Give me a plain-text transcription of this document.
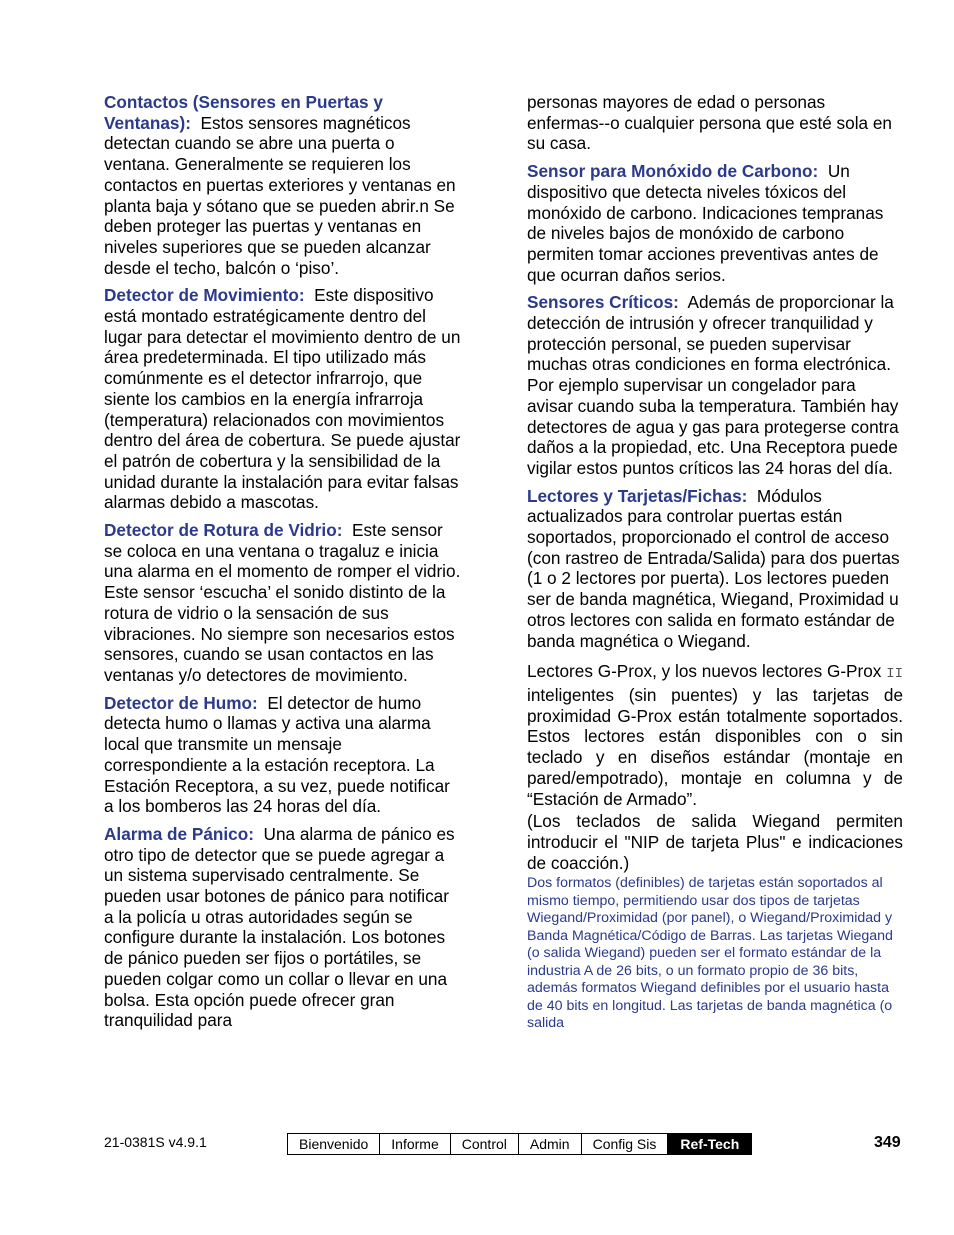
Contactos (Sensores en Puertas y Ventanas): Estos sensores magnéticos detectan cuando se abre una puerta o ventana. Generalmente se requieren los contactos en puertas exteriores y ventanas en planta baja y sótano que se pueden abrir.n Se deben proteger las puertas y ventanas en niveles superiores que se pueden alcanzar desde el techo, balcón o ‘piso’.

Detector de Movimiento: Este dispositivo está montado estratégicamente dentro del lugar para detectar el movimiento dentro de un área predeterminada. El tipo utilizado más comúnmente es el detector infrarrojo, que siente los cambios en la energía infrarroja (temperatura) relacionados con movimientos dentro del área de cobertura. Se puede ajustar el patrón de cobertura y la sensibilidad de la unidad durante la instalación para evitar falsas alarmas debido a mascotas.

Detector de Rotura de Vidrio: Este sensor se coloca en una ventana o tragaluz e inicia una alarma en el momento de romper el vidrio. Este sensor ‘escucha’ el sonido distinto de la rotura de vidrio o la sensación de sus vibraciones. No siempre son necesarios estos sensores, cuando se usan contactos en las ventanas y/o detectores de movimiento.

Detector de Humo: El detector de humo detecta humo o llamas y activa una alarma local que transmite un mensaje correspondiente a la estación receptora. La Estación Receptora, a su vez, puede notificar a los bomberos las 24 horas del día.

Alarma de Pánico: Una alarma de pánico es otro tipo de detector que se puede agregar a un sistema supervisado centralmente. Se pueden usar botones de pánico para notificar a la policía u otras autoridades según se configure durante la instalación. Los botones de pánico pueden ser fijos o portátiles, se pueden colgar como un collar o llevar en una bolsa. Esta opción puede ofrecer gran tranquilidad para

personas mayores de edad o personas enfermas--o cualquier persona que esté sola en su casa.

Sensor para Monóxido de Carbono: Un dispositivo que detecta niveles tóxicos del monóxido de carbono. Indicaciones tempranas de niveles bajos de monóxido de carbono permiten tomar acciones preventivas antes de que ocurran daños serios.

Sensores Críticos: Además de proporcionar la detección de intrusión y ofrecer tranquilidad y protección personal, se pueden supervisar muchas otras condiciones en forma electrónica. Por ejemplo supervisar un congelador para avisar cuando suba la temperatura. También hay detectores de agua y gas para protegerse contra daños a la propiedad, etc. Una Receptora puede vigilar estos puntos críticos las 24 horas del día.

Lectores y Tarjetas/Fichas: Módulos actualizados para controlar puertas están soportados, proporcionado el control de acceso (con rastreo de Entrada/Salida) para dos puertas (1 o 2 lectores por puerta). Los lectores pueden ser de banda magnética, Wiegand, Proximidad u otros lectores con salida en formato estándar de banda magnética o Wiegand.

Lectores G-Prox, y los nuevos lectores G-Prox II inteligentes (sin puentes) y las tarjetas de proximidad G-Prox están totalmente soportados. Estos lectores están disponibles con o sin teclado y en diseños estándar (montaje en pared/empotrado), montaje en columna y de “Estación de Armado”.

(Los teclados de salida Wiegand permiten introducir el "NIP de tarjeta Plus" e indicaciones de coacción.)

Dos formatos (definibles) de tarjetas están soportados al mismo tiempo, permitiendo usar dos tipos de tarjetas Wiegand/Proximidad (por panel), o Wiegand/Proximidad y Banda Magnética/Código de Barras. Las tarjetas Wiegand (o salida Wiegand) pueden ser el formato estándar de la industria A de 26 bits, o un formato propio de 36 bits, además formatos Wiegand definibles por el usuario hasta de 40 bits en longitud. Las tarjetas de banda magnética (o salida

21-0381S v4.9.1	Bienvenido	Informe	Control	Admin	Config Sis	Ref-Tech	349
